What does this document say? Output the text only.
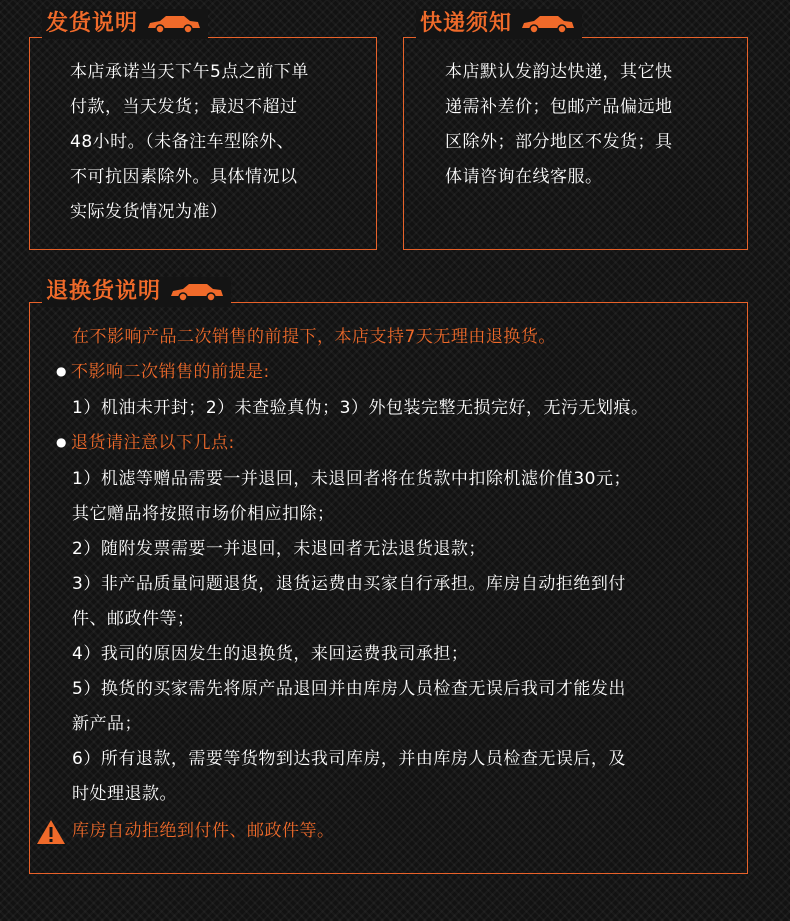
发货说明
本店承诺当天下午5点之前下单
付款，当天发货；最迟不超过
48小时。（未备注车型除外、
不可抗因素除外。具体情况以
实际发货情况为准）
快递须知
本店默认发韵达快递，其它快
递需补差价；包邮产品偏远地
区除外；部分地区不发货；具
体请咨询在线客服。
退换货说明
在不影响产品二次销售的前提下，本店支持7天无理由退换货。
● 不影响二次销售的前提是:
1）机油未开封；2）未查验真伪；3）外包装完整无损完好，无污无划痕。
● 退货请注意以下几点:
1）机滤等赠品需要一并退回，未退回者将在货款中扣除机滤价值30元；
其它赠品将按照市场价相应扣除；
2）随附发票需要一并退回，未退回者无法退货退款；
3）非产品质量问题退货，退货运费由买家自行承担。库房自动拒绝到付
件、邮政件等；
4）我司的原因发生的退换货，来回运费我司承担；
5）换货的买家需先将原产品退回并由库房人员检查无误后我司才能发出
新产品；
6）所有退款，需要等货物到达我司库房，并由库房人员检查无误后，及
时处理退款。
库房自动拒绝到付件、邮政件等。
